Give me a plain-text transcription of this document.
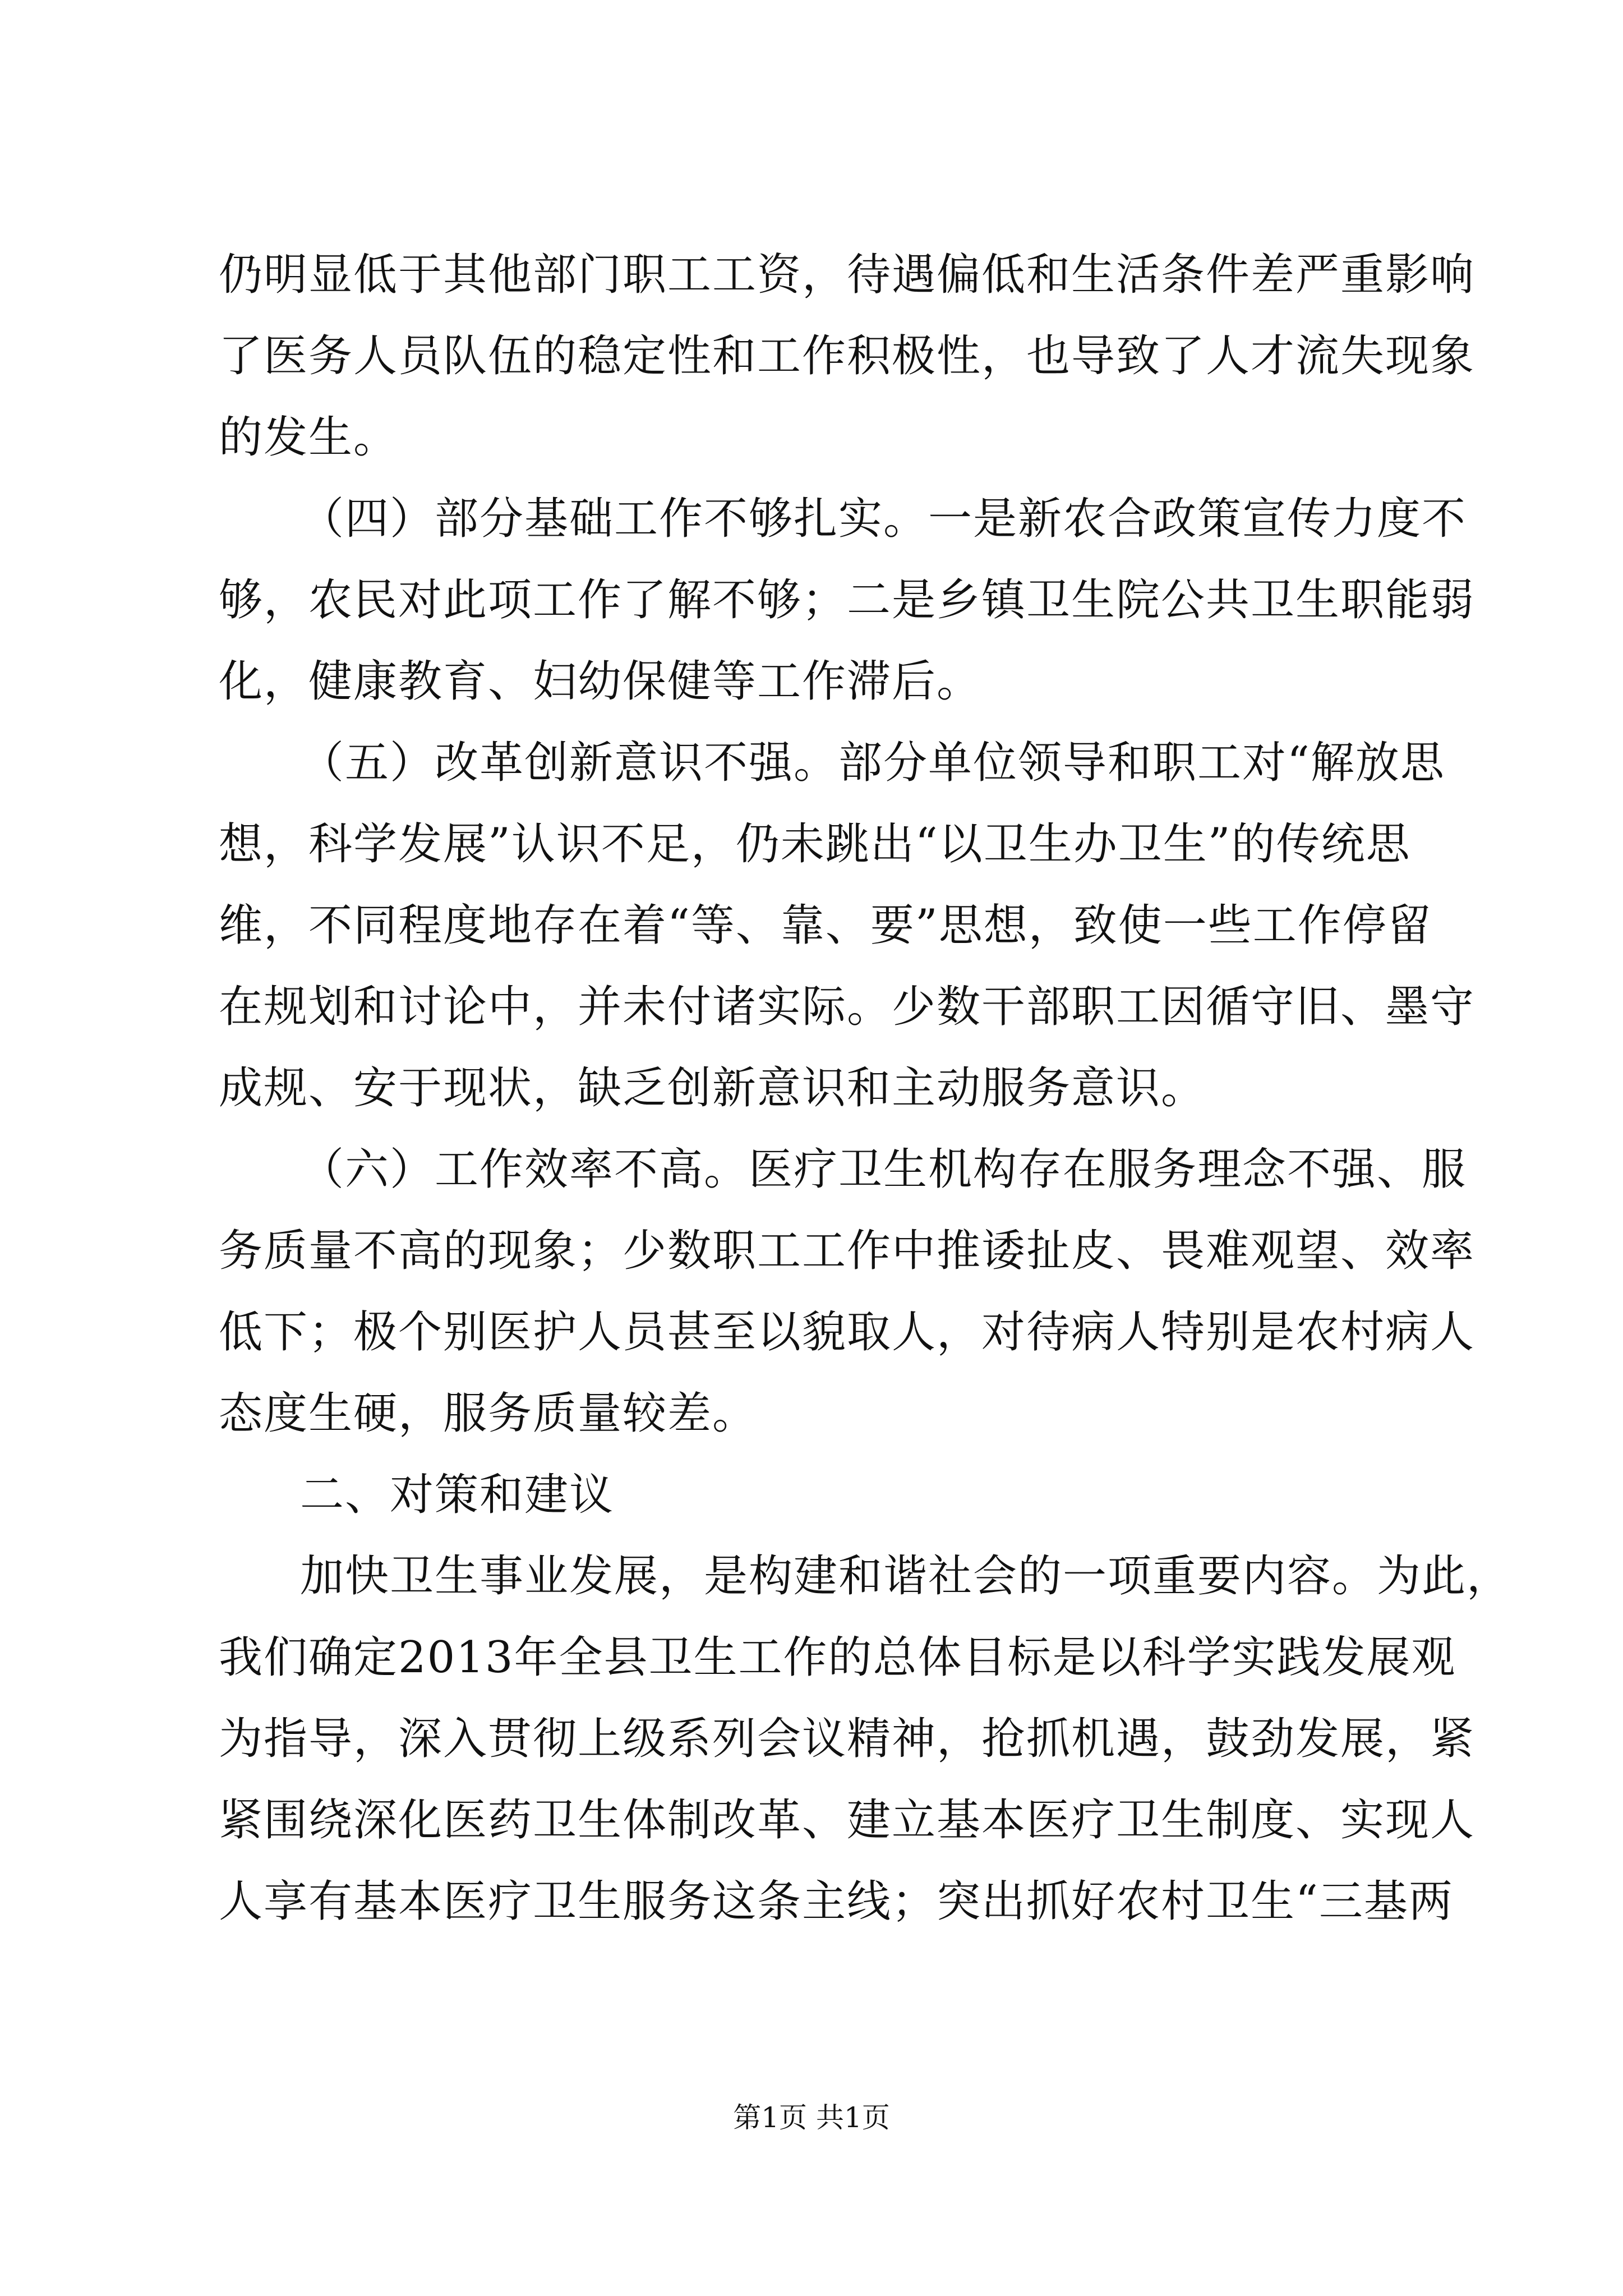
仍明显低于其他部门职工工资，待遇偏低和生活条件差严重影响
了医务人员队伍的稳定性和工作积极性，也导致了人才流失现象
的发生。
（四）部分基础工作不够扎实。一是新农合政策宣传力度不
够，农民对此项工作了解不够；二是乡镇卫生院公共卫生职能弱
化，健康教育、妇幼保健等工作滞后。
（五）改革创新意识不强。部分单位领导和职工对“解放思
想，科学发展”认识不足，仍未跳出“以卫生办卫生”的传统思
维，不同程度地存在着“等、靠、要”思想，致使一些工作停留
在规划和讨论中，并未付诸实际。少数干部职工因循守旧、墨守
成规、安于现状，缺乏创新意识和主动服务意识。
（六）工作效率不高。医疗卫生机构存在服务理念不强、服
务质量不高的现象；少数职工工作中推诿扯皮、畏难观望、效率
低下；极个别医护人员甚至以貌取人，对待病人特别是农村病人
态度生硬，服务质量较差。
二、对策和建议
加快卫生事业发展，是构建和谐社会的一项重要内容。为此，
我们确定2013年全县卫生工作的总体目标是以科学实践发展观
为指导，深入贯彻上级系列会议精神，抢抓机遇，鼓劲发展，紧
紧围绕深化医药卫生体制改革、建立基本医疗卫生制度、实现人
人享有基本医疗卫生服务这条主线；突出抓好农村卫生“三基两
第1页 共1页
